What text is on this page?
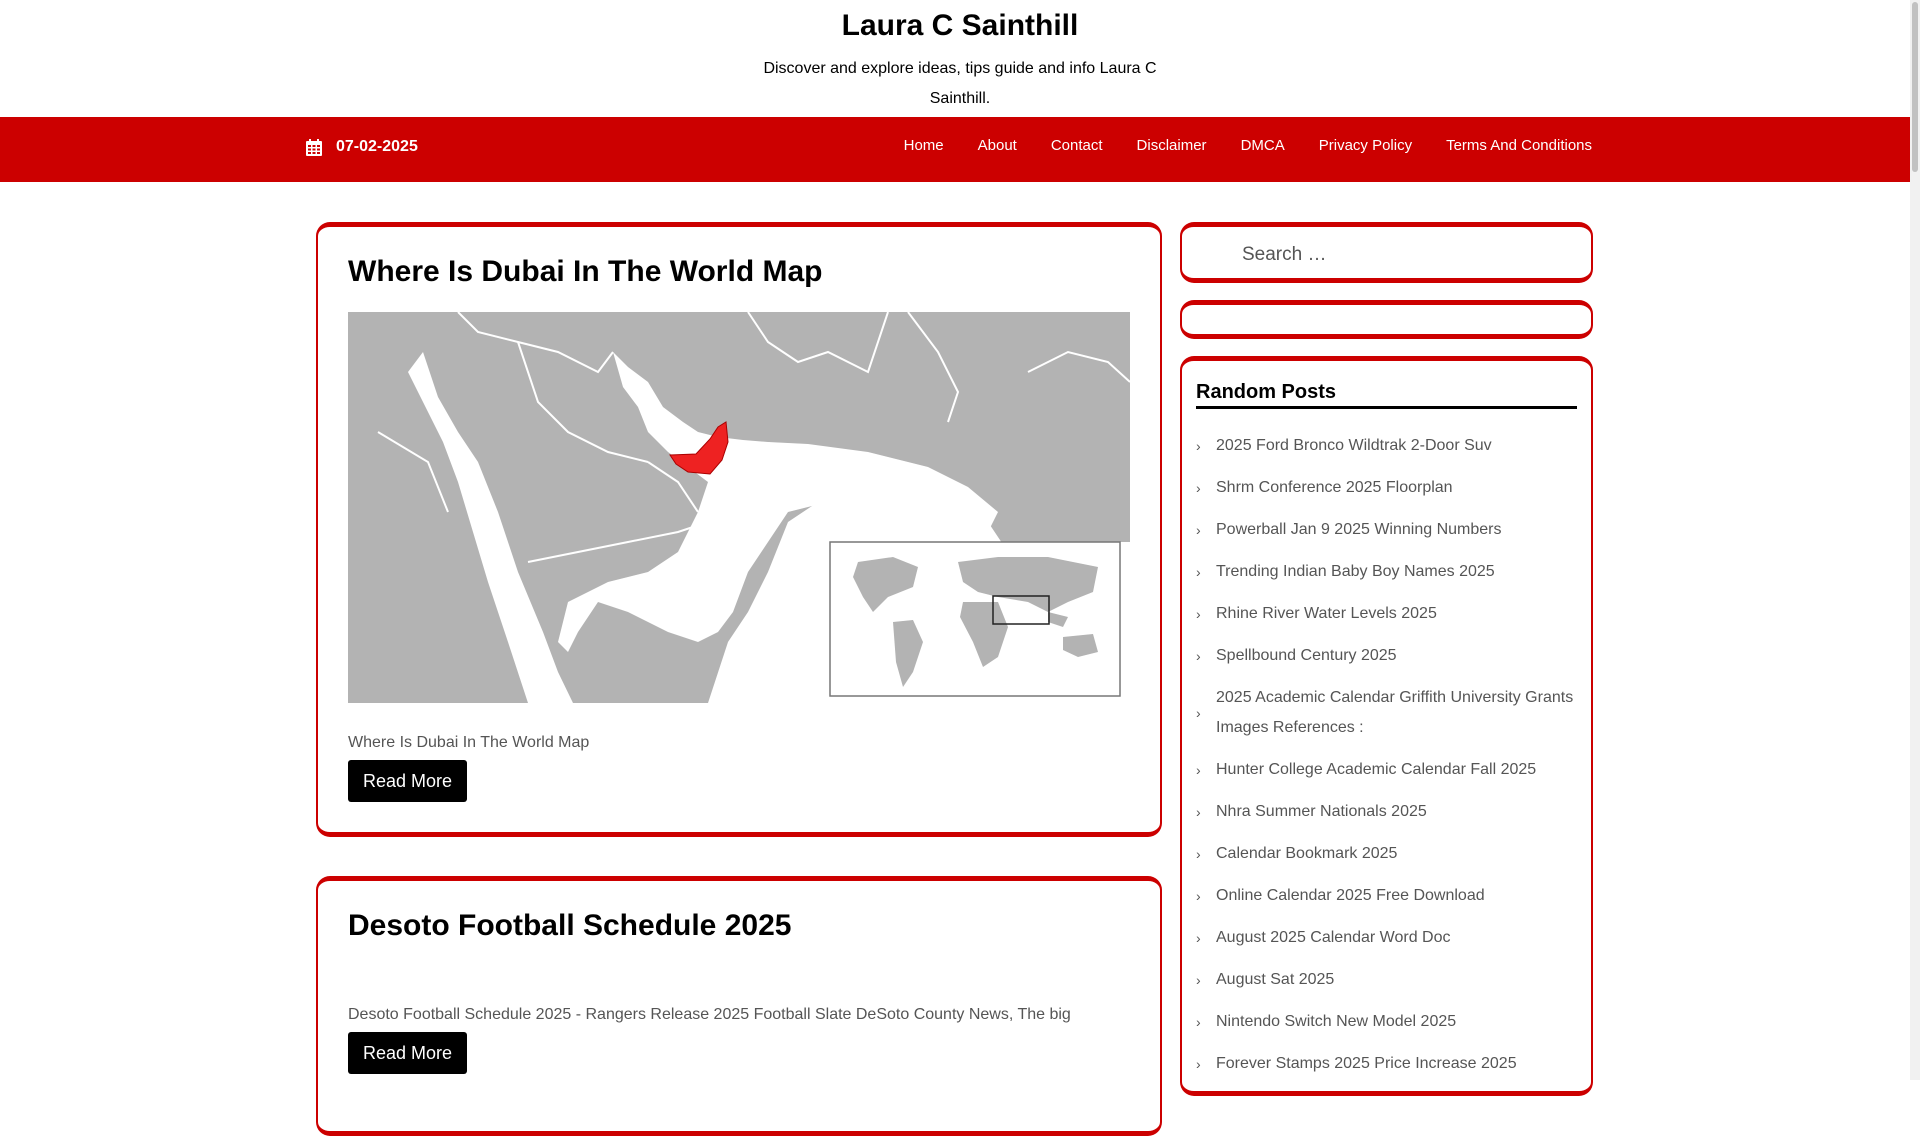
Laura C Sainthill
Discover and explore ideas, tips guide and info Laura C Sainthill.
07-02-2025	Home	About	Contact	Disclaimer	DMCA	Privacy Policy	Terms And Conditions
Where Is Dubai In The World Map

Where Is Dubai In The World Map

Read More
Desoto Football Schedule 2025

Desoto Football Schedule 2025 - Rangers Release 2025 Football Slate DeSoto County News, The big

Read More
Search …
Random Posts
› 2025 Ford Bronco Wildtrak 2-Door Suv
› Shrm Conference 2025 Floorplan
› Powerball Jan 9 2025 Winning Numbers
› Trending Indian Baby Boy Names 2025
› Rhine River Water Levels 2025
› Spellbound Century 2025
›
2025 Academic Calendar Griffith University Grants Images References :
› Hunter College Academic Calendar Fall 2025
› Nhra Summer Nationals 2025
› Calendar Bookmark 2025
› Online Calendar 2025 Free Download
› August 2025 Calendar Word Doc
› August Sat 2025
› Nintendo Switch New Model 2025
› Forever Stamps 2025 Price Increase 2025
